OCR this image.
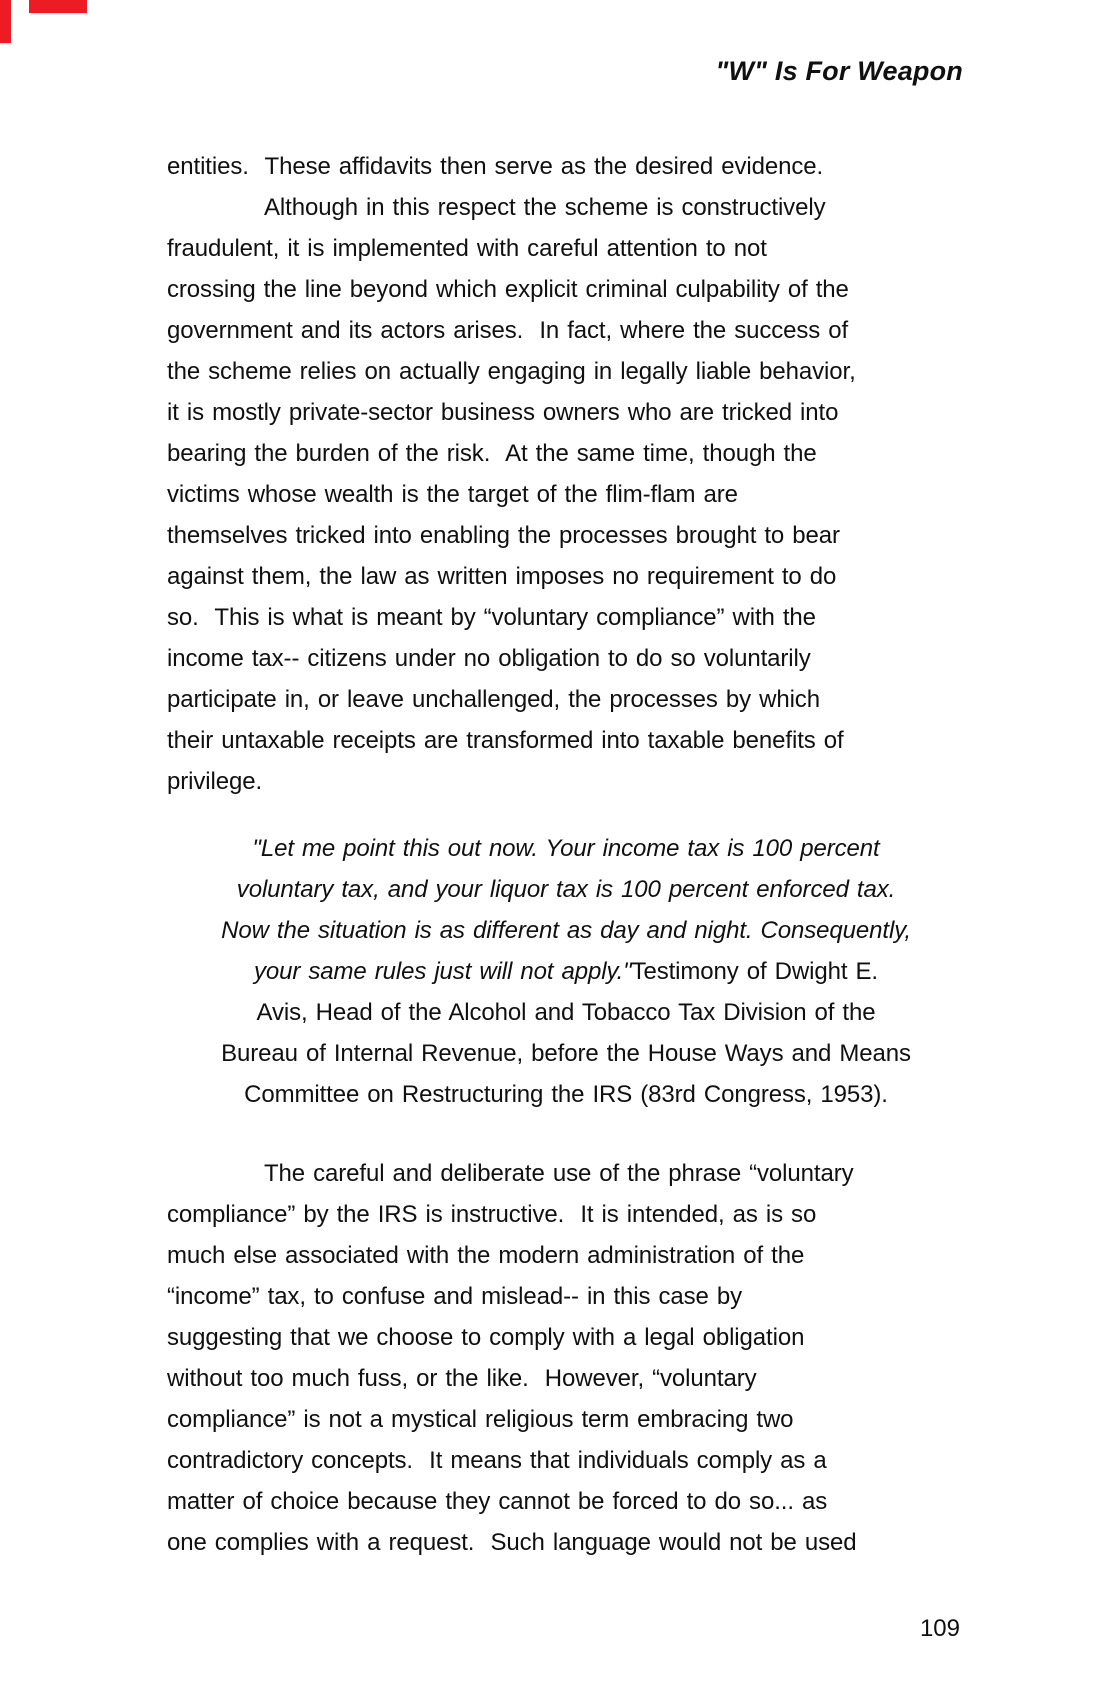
"W" Is For Weapon
entities.  These affidavits then serve as the desired evidence.
Although in this respect the scheme is constructively
fraudulent, it is implemented with careful attention to not
crossing the line beyond which explicit criminal culpability of the
government and its actors arises.  In fact, where the success of
the scheme relies on actually engaging in legally liable behavior,
it is mostly private-sector business owners who are tricked into
bearing the burden of the risk.  At the same time, though the
victims whose wealth is the target of the flim-flam are
themselves tricked into enabling the processes brought to bear
against them, the law as written imposes no requirement to do
so.  This is what is meant by “voluntary compliance” with the
income tax-- citizens under no obligation to do so voluntarily
participate in, or leave unchallenged, the processes by which
their untaxable receipts are transformed into taxable benefits of
privilege.
"Let me point this out now. Your income tax is 100 percent
voluntary tax, and your liquor tax is 100 percent enforced tax.
Now the situation is as different as day and night. Consequently,
your same rules just will not apply."Testimony of Dwight E.
Avis, Head of the Alcohol and Tobacco Tax Division of the
Bureau of Internal Revenue, before the House Ways and Means
Committee on Restructuring the IRS (83rd Congress, 1953).
The careful and deliberate use of the phrase “voluntary
compliance” by the IRS is instructive.  It is intended, as is so
much else associated with the modern administration of the
“income” tax, to confuse and mislead-- in this case by
suggesting that we choose to comply with a legal obligation
without too much fuss, or the like.  However, “voluntary
compliance” is not a mystical religious term embracing two
contradictory concepts.  It means that individuals comply as a
matter of choice because they cannot be forced to do so... as
one complies with a request.  Such language would not be used
109
